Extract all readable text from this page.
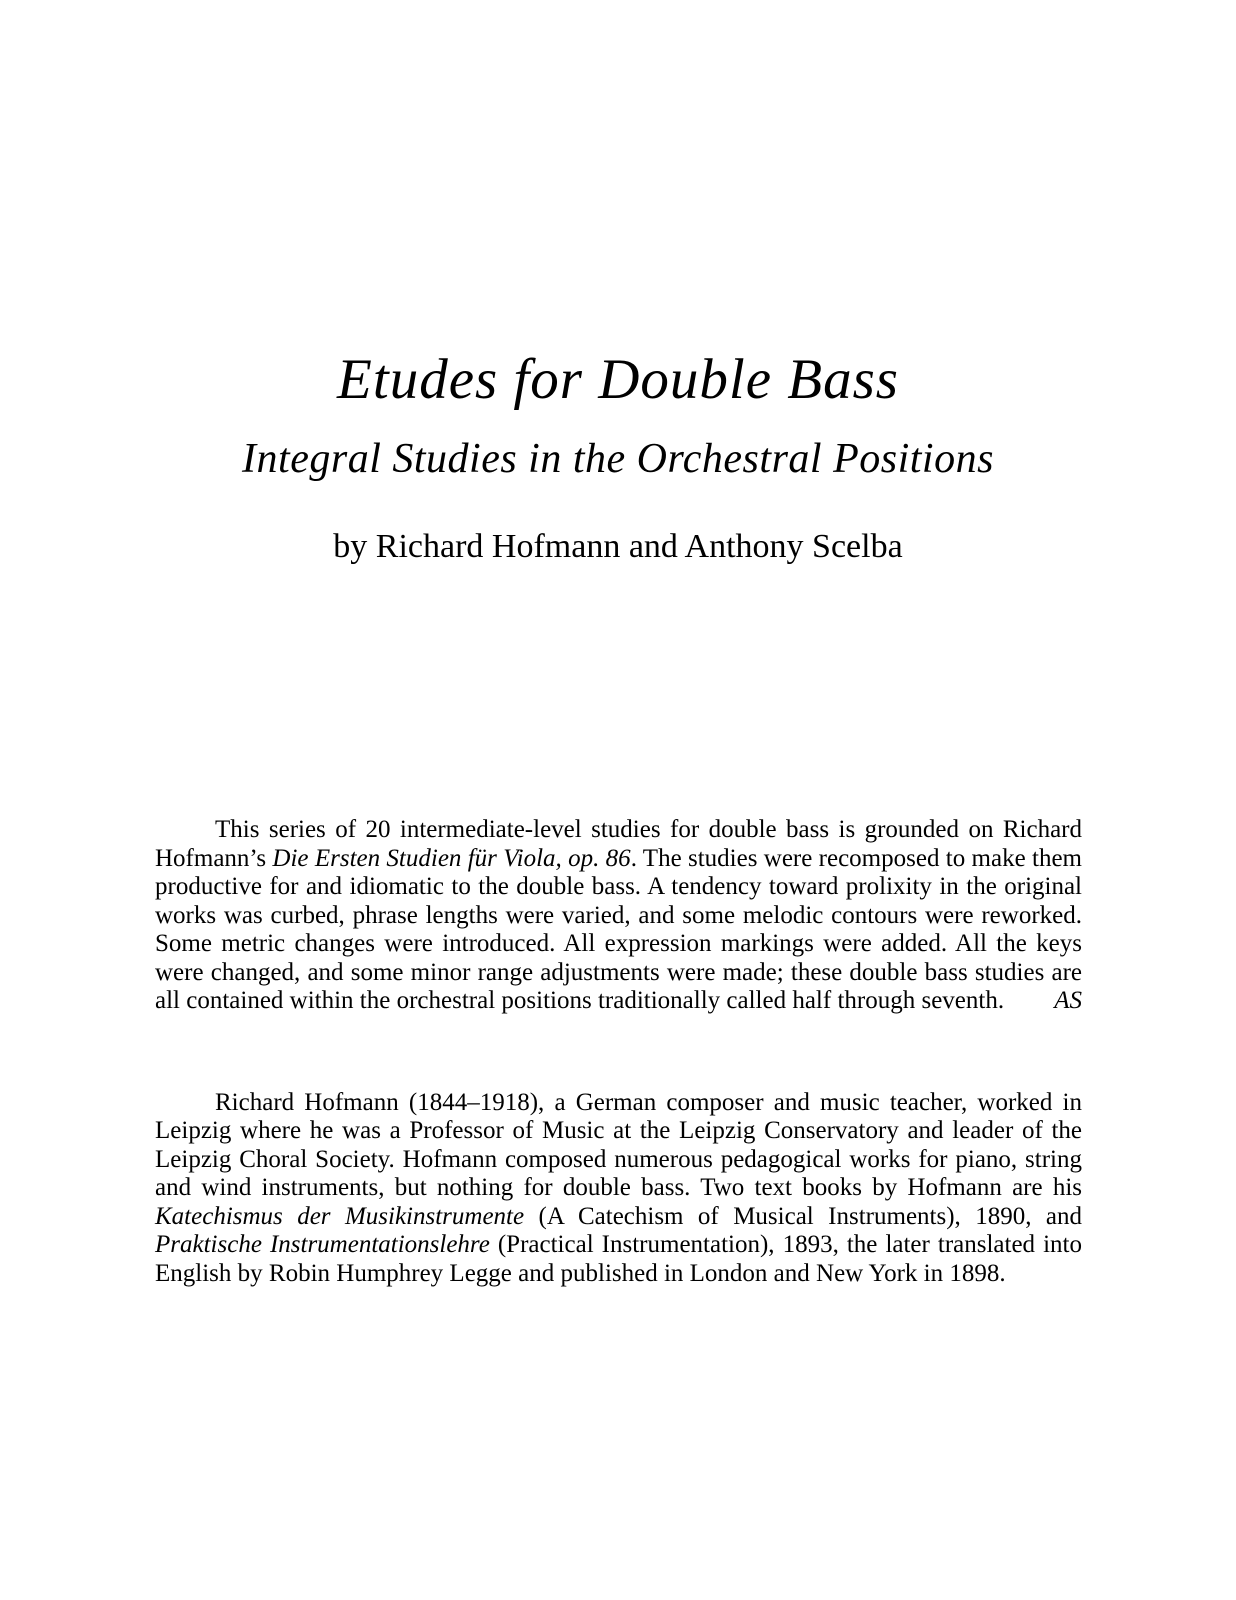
Etudes for Double Bass
Integral Studies in the Orchestral Positions
by Richard Hofmann and Anthony Scelba

This series of 20 intermediate-level studies for double bass is grounded on Richard Hofmann’s Die Ersten Studien für Viola, op. 86. The studies were recomposed to make them productive for and idiomatic to the double bass. A tendency toward prolixity in the original works was curbed, phrase lengths were varied, and some melodic contours were reworked. Some metric changes were introduced. All expression markings were added. All the keys were changed, and some minor range adjustments were made; these double bass studies are all contained within the orchestral positions traditionally called half through seventh. AS

Richard Hofmann (1844–1918), a German composer and music teacher, worked in Leipzig where he was a Professor of Music at the Leipzig Conservatory and leader of the Leipzig Choral Society. Hofmann composed numerous pedagogical works for piano, string and wind instruments, but nothing for double bass. Two text books by Hofmann are his Katechismus der Musikinstrumente (A Catechism of Musical Instruments), 1890, and Praktische Instrumentationslehre (Practical Instrumentation), 1893, the later translated into English by Robin Humphrey Legge and published in London and New York in 1898.
